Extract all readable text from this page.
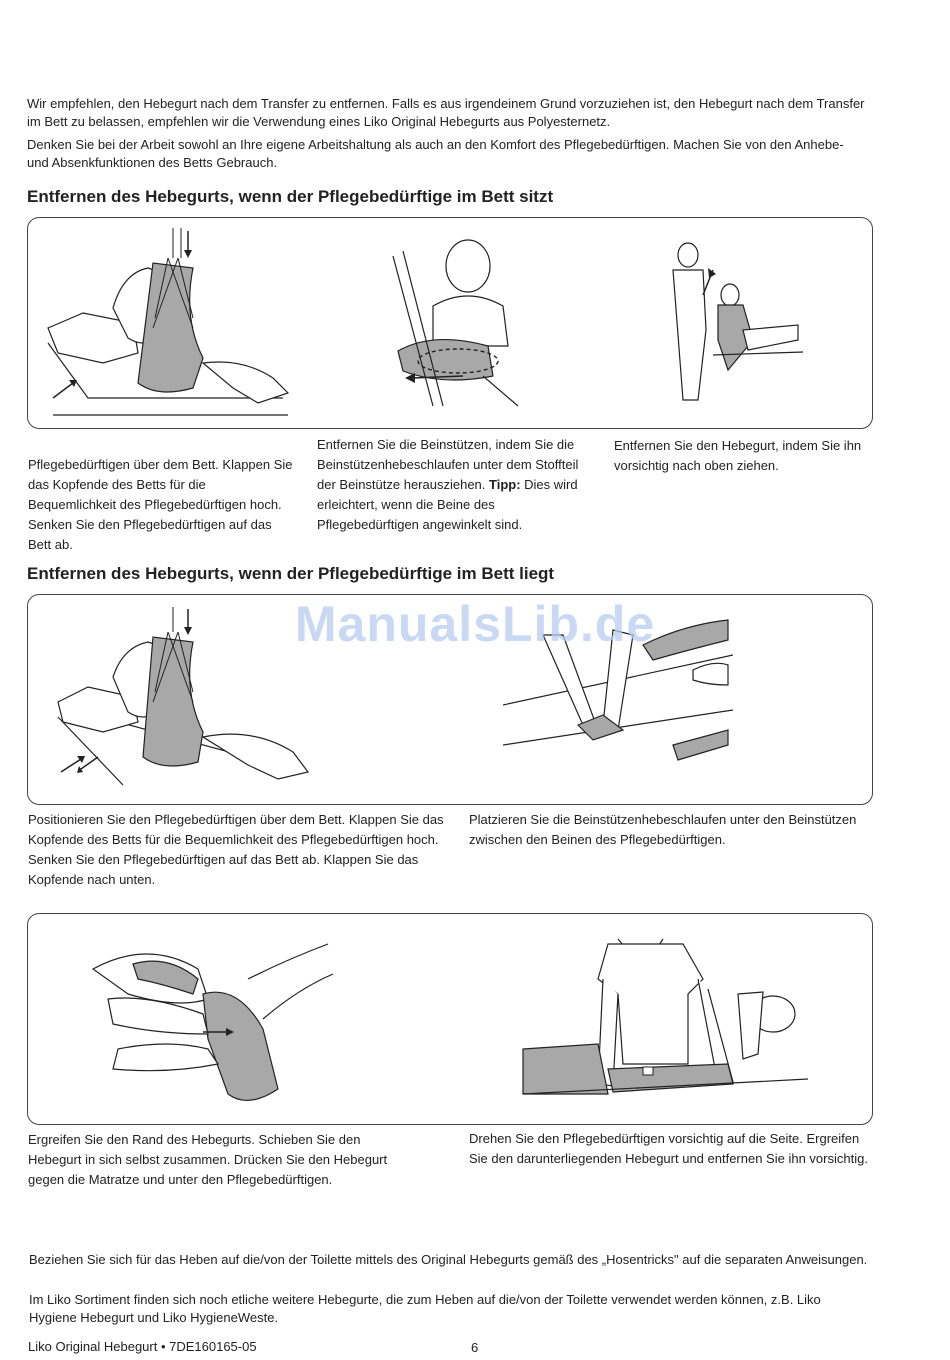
Wir empfehlen, den Hebegurt nach dem Transfer zu entfernen. Falls es aus irgendeinem Grund vorzuziehen ist, den Hebegurt nach dem Transfer im Bett zu belassen, empfehlen wir die Verwendung eines Liko Original Hebegurts aus Polyesternetz.

Denken Sie bei der Arbeit sowohl an Ihre eigene Arbeitshaltung als auch an den Komfort des Pflegebedürftigen. Machen Sie von den Anhebe- und Absenkfunktionen des Betts Gebrauch.

Entfernen des Hebegurts, wenn der Pflegebedürftige im Bett sitzt

Pflegebedürftigen über dem Bett. Klappen Sie das Kopfende des Betts für die Bequemlichkeit des Pflegebedürftigen hoch. Senken Sie den Pflegebedürftigen auf das Bett ab.

Entfernen Sie die Beinstützen, indem Sie die Beinstützenhebeschlaufen unter dem Stoffteil der Beinstütze herausziehen. Tipp: Dies wird erleichtert, wenn die Beine des Pflegebedürftigen angewinkelt sind.

Entfernen Sie den Hebegurt, indem Sie ihn vorsichtig nach oben ziehen.

Entfernen des Hebegurts, wenn der Pflegebedürftige im Bett liegt
ManualsLib.de

Positionieren Sie den Pflegebedürftigen über dem Bett. Klappen Sie das Kopfende des Betts für die Bequemlichkeit des Pflegebedürftigen hoch. Senken Sie den Pflegebedürftigen auf das Bett ab. Klappen Sie das Kopfende nach unten.

Platzieren Sie die Beinstützenhebeschlaufen unter den Beinstützen zwischen den Beinen des Pflegebedürftigen.

Ergreifen Sie den Rand des Hebegurts. Schieben Sie den Hebegurt in sich selbst zusammen. Drücken Sie den Hebegurt gegen die Matratze und unter den Pflegebedürftigen.

Drehen Sie den Pflegebedürftigen vorsichtig auf die Seite. Ergreifen Sie den darunterliegenden Hebegurt und entfernen Sie ihn vorsichtig.

Beziehen Sie sich für das Heben auf die/von der Toilette mittels des Original Hebegurts gemäß des „Hosentricks" auf die separaten Anweisungen.

Im Liko Sortiment finden sich noch etliche weitere Hebegurte, die zum Heben auf die/von der Toilette verwendet werden können, z.B. Liko Hygiene Hebegurt und Liko HygieneWeste.

Liko Original Hebegurt • 7DE160165-05	6
